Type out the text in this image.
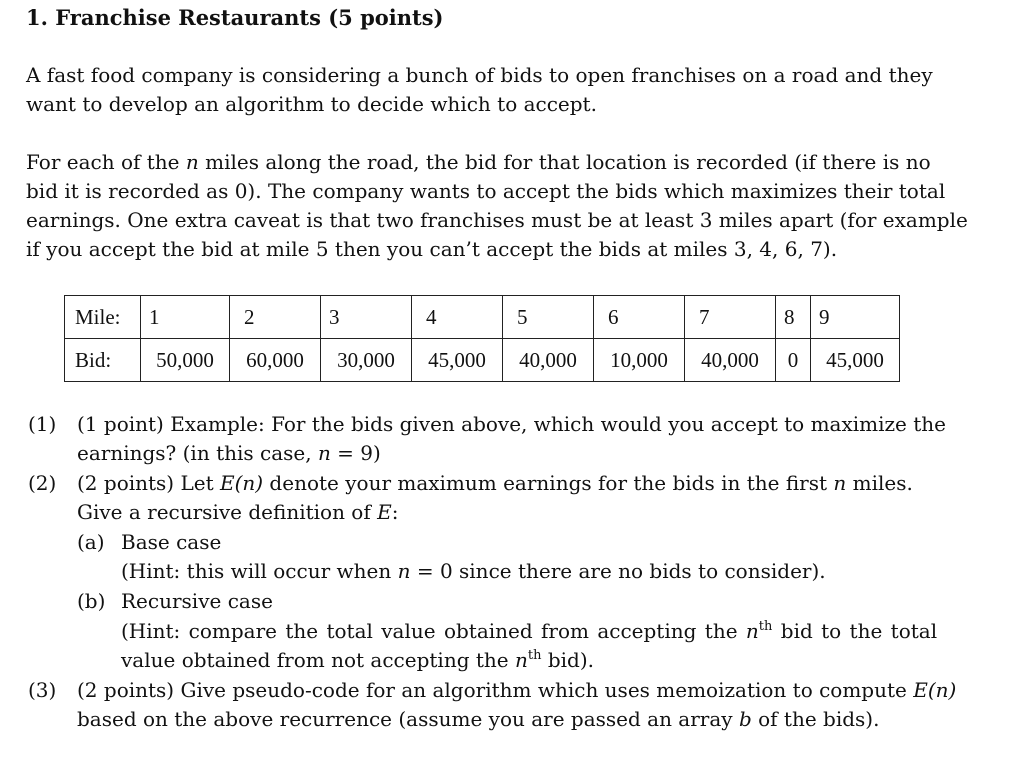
1. Franchise Restaurants (5 points)
A fast food company is considering a bunch of bids to open franchises on a road and they
want to develop an algorithm to decide which to accept.
For each of the n miles along the road, the bid for that location is recorded (if there is no
bid it is recorded as 0). The company wants to accept the bids which maximizes their total
earnings. One extra caveat is that two franchises must be at least 3 miles apart (for example
if you accept the bid at mile 5 then you can’t accept the bids at miles 3, 4, 6, 7).
Mile:	1	2	3	4	5	6	7	8	9
Bid:	50,000	60,000	30,000	45,000	40,000	10,000	40,000	0	45,000
(1) (1 point) Example: For the bids given above, which would you accept to maximize the
earnings? (in this case, n = 9)
(2) (2 points) Let E(n) denote your maximum earnings for the bids in the first n miles.
Give a recursive definition of E:
(a) Base case
(Hint: this will occur when n = 0 since there are no bids to consider).
(b) Recursive case
(Hint: compare the total value obtained from accepting the $n^{th}$ bid to the total
value obtained from not accepting the $n^{th}$ bid).
(3) (2 points) Give pseudo-code for an algorithm which uses memoization to compute E(n)
based on the above recurrence (assume you are passed an array b of the bids).
